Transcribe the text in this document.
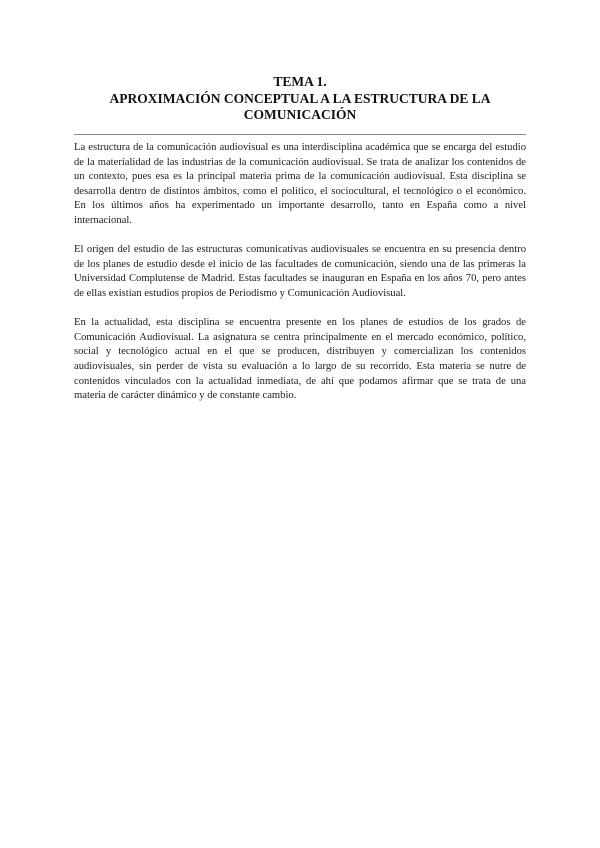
TEMA 1.
APROXIMACIÓN CONCEPTUAL A LA ESTRUCTURA DE LA
COMUNICACIÓN

La estructura de la comunicación audiovisual es una interdisciplina académica que se encarga del estudio de la materialidad de las industrias de la comunicación audiovisual. Se trata de analizar los contenidos de un contexto, pues esa es la principal materia prima de la comunicación audiovisual. Esta disciplina se desarrolla dentro de distintos ámbitos, como el político, el sociocultural, el tecnológico o el económico. En los últimos años ha experimentado un importante desarrollo, tanto en España como a nivel internacional.

El origen del estudio de las estructuras comunicativas audiovisuales se encuentra en su presencia dentro de los planes de estudio desde el inicio de las facultades de comunicación, siendo una de las primeras la Universidad Complutense de Madrid. Estas facultades se inauguran en España en los años 70, pero antes de ellas existían estudios propios de Periodismo y Comunicación Audiovisual.

En la actualidad, esta disciplina se encuentra presente en los planes de estudios de los grados de Comunicación Audiovisual. La asignatura se centra principalmente en el mercado económico, político, social y tecnológico actual en el que se producen, distribuyen y comercializan los contenidos audiovisuales, sin perder de vista su evaluación a lo largo de su recorrido. Esta materia se nutre de contenidos vinculados con la actualidad inmediata, de ahí que podamos afirmar que se trata de una materia de carácter dinámico y de constante cambio.
